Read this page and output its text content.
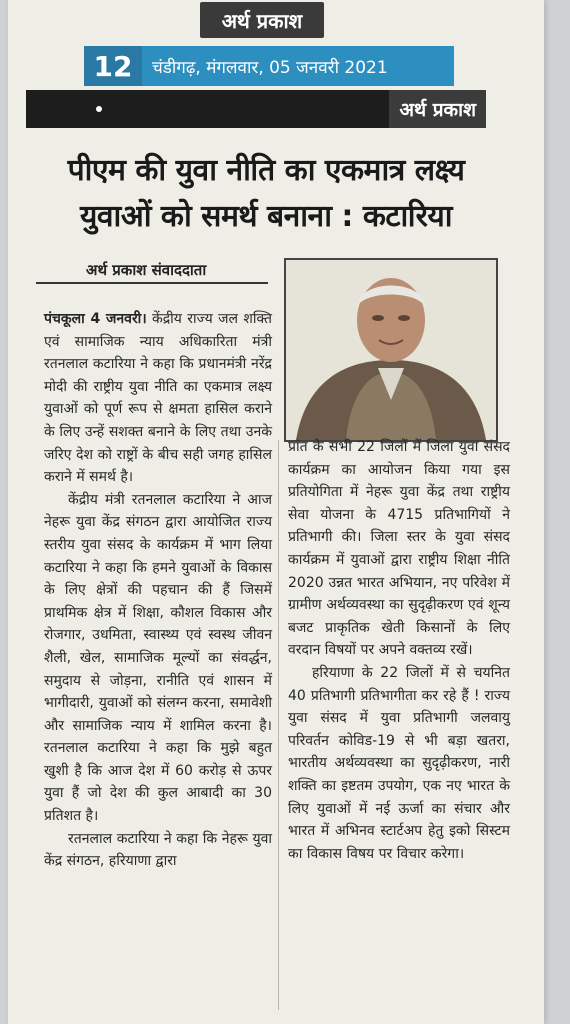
अर्थ प्रकाश
12	चंडीगढ़, मंगलवार, 05 जनवरी 2021
अर्थ प्रकाश
पीएम की युवा नीति का एकमात्र लक्ष्य
युवाओं को समर्थ बनाना : कटारिया
अर्थ प्रकाश संवाददाता

पंचकूला 4 जनवरी। केंद्रीय राज्य जल शक्ति एवं सामाजिक न्याय अधिकारिता मंत्री रतनलाल कटारिया ने कहा कि प्रधानमंत्री नरेंद्र मोदी की राष्ट्रीय युवा नीति का एकमात्र लक्ष्य युवाओं को पूर्ण रूप से क्षमता हासिल कराने के लिए उन्हें सशक्त बनाने के लिए तथा उनके जरिए देश को राष्ट्रों के बीच सही जगह हासिल कराने में समर्थ है।

केंद्रीय मंत्री रतनलाल कटारिया ने आज नेहरू युवा केंद्र संगठन द्वारा आयोजित राज्य स्तरीय युवा संसद के कार्यक्रम में भाग लिया कटारिया ने कहा कि हमने युवाओं के विकास के लिए क्षेत्रों की पहचान की हैं जिसमें प्राथमिक क्षेत्र में शिक्षा, कौशल विकास और रोजगार, उधमिता, स्वास्थ्य एवं स्वस्थ जीवन शैली, खेल, सामाजिक मूल्यों का संवर्द्धन, समुदाय से जोड़ना, रानीति एवं शासन में भागीदारी, युवाओं को संलग्न करना, समावेशी और सामाजिक न्याय में शामिल करना है। रतनलाल कटारिया ने कहा कि मुझे बहुत खुशी है कि आज देश में 60 करोड़ से ऊपर युवा हैं जो देश की कुल आबादी का 30 प्रतिशत है।

रतनलाल कटारिया ने कहा कि नेहरू युवा केंद्र संगठन, हरियाणा द्वारा

प्रांत के सभी 22 जिलों में जिला युवा संसद कार्यक्रम का आयोजन किया गया इस प्रतियोगिता में नेहरू युवा केंद्र तथा राष्ट्रीय सेवा योजना के 4715 प्रतिभागियों ने प्रतिभागी की। जिला स्तर के युवा संसद कार्यक्रम में युवाओं द्वारा राष्ट्रीय शिक्षा नीति 2020 उन्नत भारत अभियान, नए परिवेश में ग्रामीण अर्थव्यवस्था का सुदृढ़ीकरण एवं शून्य बजट प्राकृतिक खेती किसानों के लिए वरदान विषयों पर अपने वक्तव्य रखें।

हरियाणा के 22 जिलों में से चयनित 40 प्रतिभागी प्रतिभागीता कर रहे हैं ! राज्य युवा संसद में युवा प्रतिभागी जलवायु परिवर्तन कोविड-19 से भी बड़ा खतरा, भारतीय अर्थव्यवस्था का सुदृढ़ीकरण, नारी शक्ति का इष्टतम उपयोग, एक नए भारत के लिए युवाओं में नई ऊर्जा का संचार और भारत में अभिनव स्टार्टअप हेतु इको सिस्टम का विकास विषय पर विचार करेगा।
